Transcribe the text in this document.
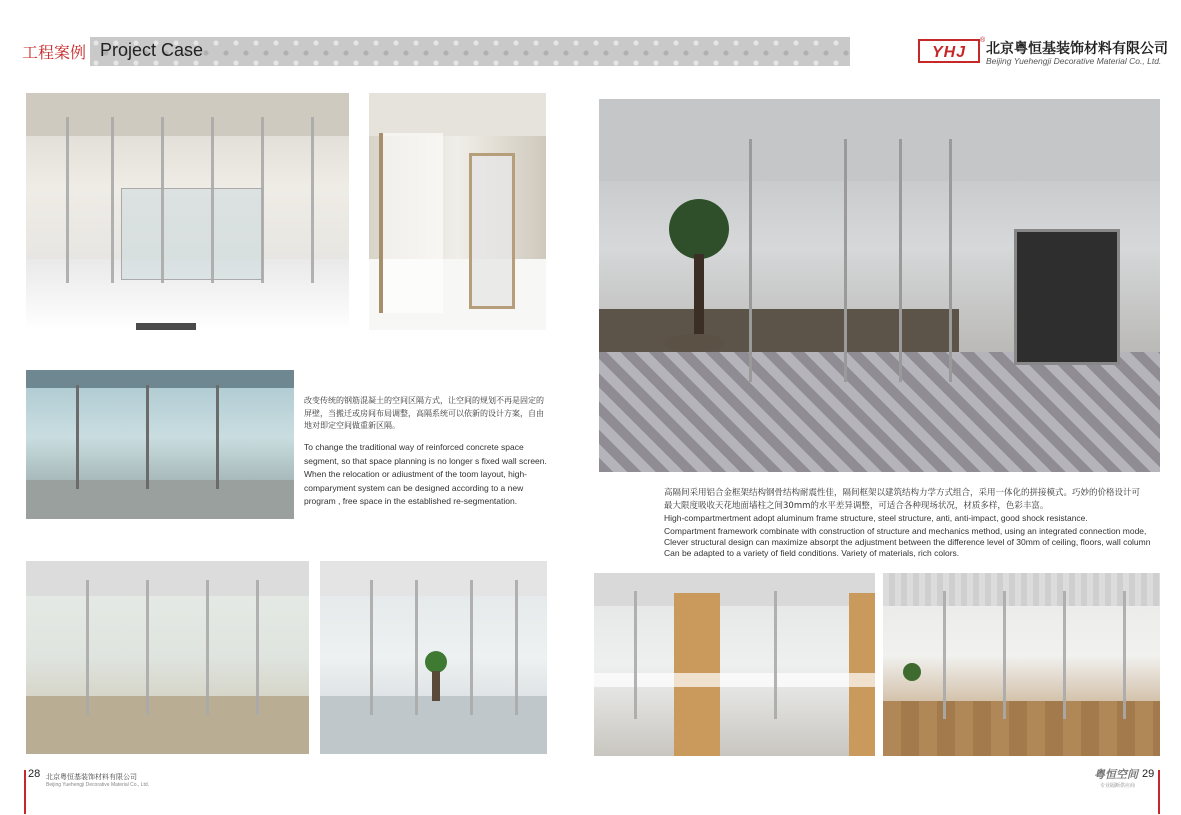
工程案例 Project Case	YHJ
®
北京粤恒基装饰材料有限公司
Beijing Yuehengji Decorative Material Co., Ltd.
改变传统的钢筋混凝土的空间区隔方式，让空间的规划不再是固定的屏壁，当搬迁或房间布局调整，高隔系统可以依新的设计方案，自由地对即定空间做重新区隔。
To change the traditional way of reinforced concrete space segment, so that space planning is no longer s fixed wall screen. When the relocation or adiustment of the toom layout, high-comparyment system can be designed according to a new program , free space in the established re-segmentation.
高隔间采用铝合金框架结构钢骨结构耐震性佳，隔间框架以建筑结构力学方式组合，采用一体化的拼接模式。巧妙的价格设计可最大限度吸收天花地面墙柱之间30mm的水平差异调整，可适合各种现场状况，材质多样，色彩丰富。
High-compartmertment adopt aluminum frame structure, steel structure, anti, anti-impact, good shock resistance.
Compartment framework combinate with construction of structure and mechanics method, using an integrated connection mode, Clever structural design can maximize absorpt the adjustment between the difference level of 30mm of ceiling, floors, wall column Can be adapted to a variety of field conditions. Variety of materials, rich colors.
28 北京粤恒基装饰材料有限公司
Beijing Yuehengji Decorative Material Co., Ltd.
粤恒空间
专业隔断供应商
29
